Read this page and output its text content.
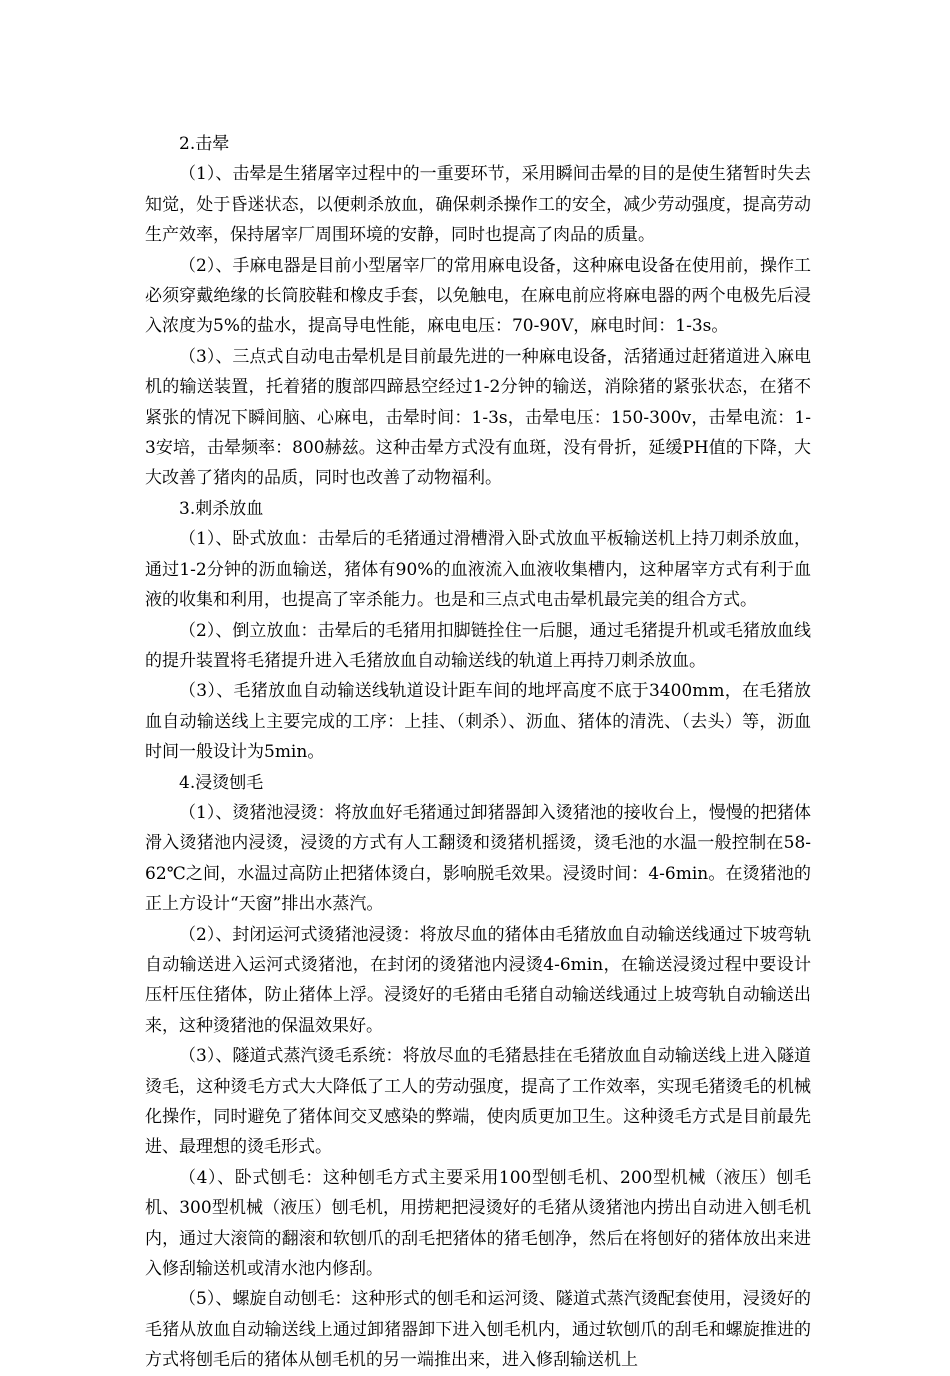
2.击晕

（1）、击晕是生猪屠宰过程中的一重要环节，采用瞬间击晕的目的是使生猪暂时失去知觉，处于昏迷状态，以便刺杀放血，确保刺杀操作工的安全，减少劳动强度，提高劳动生产效率，保持屠宰厂周围环境的安静，同时也提高了肉品的质量。

（2）、手麻电器是目前小型屠宰厂的常用麻电设备，这种麻电设备在使用前，操作工必须穿戴绝缘的长筒胶鞋和橡皮手套，以免触电，在麻电前应将麻电器的两个电极先后浸入浓度为5%的盐水，提高导电性能，麻电电压：70-90V，麻电时间：1-3s。

（3）、三点式自动电击晕机是目前最先进的一种麻电设备，活猪通过赶猪道进入麻电机的输送装置，托着猪的腹部四蹄悬空经过1-2分钟的输送，消除猪的紧张状态，在猪不紧张的情况下瞬间脑、心麻电，击晕时间：1-3s，击晕电压：150-300v，击晕电流：1-3安培，击晕频率：800赫兹。这种击晕方式没有血斑，没有骨折，延缓PH值的下降，大大改善了猪肉的品质，同时也改善了动物福利。

3.刺杀放血

（1）、卧式放血：击晕后的毛猪通过滑槽滑入卧式放血平板输送机上持刀刺杀放血，通过1-2分钟的沥血输送，猪体有90%的血液流入血液收集槽内，这种屠宰方式有利于血液的收集和利用，也提高了宰杀能力。也是和三点式电击晕机最完美的组合方式。

（2）、倒立放血：击晕后的毛猪用扣脚链拴住一后腿，通过毛猪提升机或毛猪放血线的提升装置将毛猪提升进入毛猪放血自动输送线的轨道上再持刀刺杀放血。

（3）、毛猪放血自动输送线轨道设计距车间的地坪高度不底于3400mm，在毛猪放血自动输送线上主要完成的工序：上挂、（刺杀）、沥血、猪体的清洗、（去头）等，沥血时间一般设计为5min。

4.浸烫刨毛

（1）、烫猪池浸烫：将放血好毛猪通过卸猪器卸入烫猪池的接收台上，慢慢的把猪体滑入烫猪池内浸烫，浸烫的方式有人工翻烫和烫猪机摇烫，烫毛池的水温一般控制在58-62℃之间，水温过高防止把猪体烫白，影响脱毛效果。浸烫时间：4-6min。在烫猪池的正上方设计“天窗”排出水蒸汽。

（2）、封闭运河式烫猪池浸烫：将放尽血的猪体由毛猪放血自动输送线通过下坡弯轨自动输送进入运河式烫猪池，在封闭的烫猪池内浸烫4-6min，在输送浸烫过程中要设计压杆压住猪体，防止猪体上浮。浸烫好的毛猪由毛猪自动输送线通过上坡弯轨自动输送出来，这种烫猪池的保温效果好。

（3）、隧道式蒸汽烫毛系统：将放尽血的毛猪悬挂在毛猪放血自动输送线上进入隧道烫毛，这种烫毛方式大大降低了工人的劳动强度，提高了工作效率，实现毛猪烫毛的机械化操作，同时避免了猪体间交叉感染的弊端，使肉质更加卫生。这种烫毛方式是目前最先进、最理想的烫毛形式。

（4）、卧式刨毛：这种刨毛方式主要采用100型刨毛机、200型机械（液压）刨毛机、300型机械（液压）刨毛机，用捞耙把浸烫好的毛猪从烫猪池内捞出自动进入刨毛机内，通过大滚筒的翻滚和软刨爪的刮毛把猪体的猪毛刨净，然后在将刨好的猪体放出来进入修刮输送机或清水池内修刮。

（5）、螺旋自动刨毛：这种形式的刨毛和运河烫、隧道式蒸汽烫配套使用，浸烫好的毛猪从放血自动输送线上通过卸猪器卸下进入刨毛机内，通过软刨爪的刮毛和螺旋推进的方式将刨毛后的猪体从刨毛机的另一端推出来，进入修刮输送机上
